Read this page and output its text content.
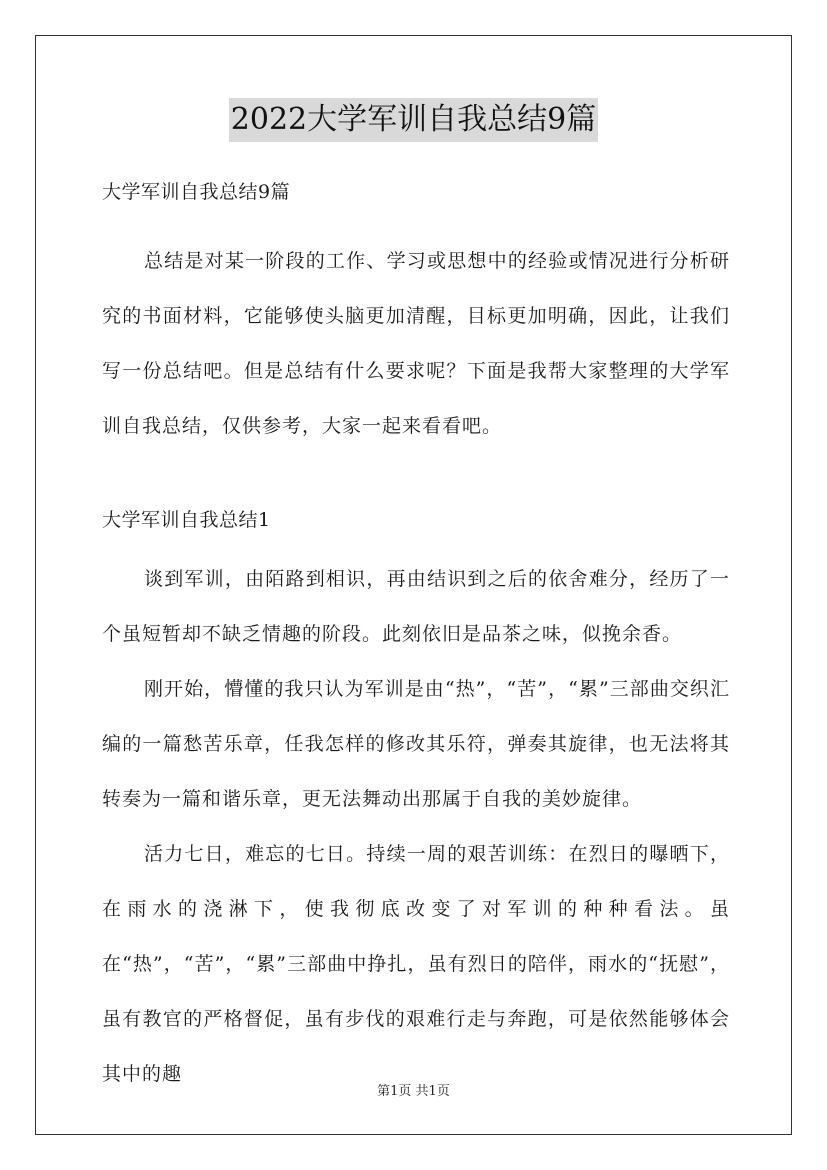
2022大学军训自我总结9篇
大学军训自我总结9篇

总结是对某一阶段的工作、学习或思想中的经验或情况进行分析研究的书面材料，它能够使头脑更加清醒，目标更加明确，因此，让我们写一份总结吧。但是总结有什么要求呢？下面是我帮大家整理的大学军训自我总结，仅供参考，大家一起来看看吧。

大学军训自我总结1

谈到军训，由陌路到相识，再由结识到之后的依舍难分，经历了一个虽短暂却不缺乏情趣的阶段。此刻依旧是品茶之味，似挽余香。

刚开始，懵懂的我只认为军训是由“热”，“苦”，“累”三部曲交织汇编的一篇愁苦乐章，任我怎样的修改其乐符，弹奏其旋律，也无法将其转奏为一篇和谐乐章，更无法舞动出那属于自我的美妙旋律。

活力七日，难忘的七日。持续一周的艰苦训练：在烈日的曝晒下，在雨水的浇淋下，使我彻底改变了对军训的种种看法。虽在“热”，“苦”，“累”三部曲中挣扎，虽有烈日的陪伴，雨水的“抚慰”，虽有教官的严格督促，虽有步伐的艰难行走与奔跑，可是依然能够体会其中的趣

第1页 共1页
